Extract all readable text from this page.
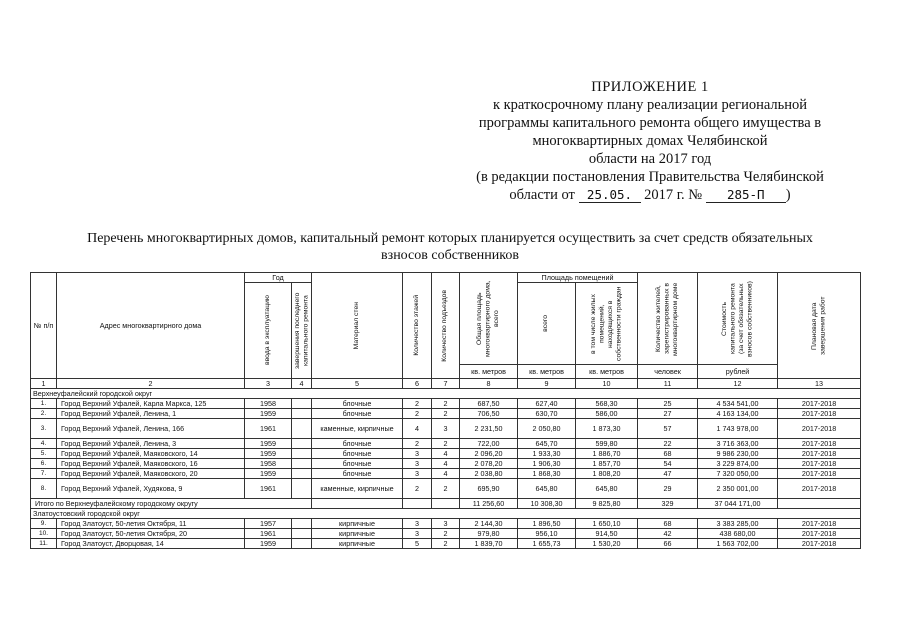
ПРИЛОЖЕНИЕ 1
к краткосрочному плану реализации региональной
программы капитального ремонта общего имущества в
многоквартирных домах Челябинской
области на 2017 год
(в редакции постановления Правительства Челябинской
области от 25.05. 2017 г. № 285-П )
Перечень многоквартирных домов, капитальный ремонт которых планируется осуществить за счет средств обязательных
взносов собственников
№ п/п	Адрес многоквартирного дома	Год		Материал стен	Количество этажей	Количество подъездов	Общая площадь многоквартирного дома, всего	Площадь помещений		Количество жителей, зарегистрированных в многоквартирном доме	Стоимость капитального ремонта (за счет обязательных взносов собственников)	Плановая дата завершения работ

		ввода в эксплуатацию	завершения последнего капитального ремонта					всего	в том числе жилых помещений, находящихся в собственности граждан			

							кв. метров	кв. метров	кв. метров	человек	рублей	
1	2	3	4	5	6	7	8	9	10	11	12	13
Верхнеуфалейский городской округ												
1.	Город Верхний Уфалей, Карла Маркса, 125	1958		блочные	2	2	687,50	627,40	568,30	25	4 534 541,00	2017-2018
2.	Город Верхний Уфалей, Ленина, 1	1959		блочные	2	2	706,50	630,70	586,00	27	4 163 134,00	2017-2018
3.	Город Верхний Уфалей, Ленина, 166	1961		каменные, кирпичные	4	3	2 231,50	2 050,80	1 873,30	57	1 743 978,00	2017-2018
4.	Город Верхний Уфалей, Ленина, 3	1959		блочные	2	2	722,00	645,70	599,80	22	3 716 363,00	2017-2018
5.	Город Верхний Уфалей, Маяковского, 14	1959		блочные	3	4	2 096,20	1 933,30	1 886,70	68	9 986 230,00	2017-2018
6.	Город Верхний Уфалей, Маяковского, 16	1958		блочные	3	4	2 078,20	1 906,30	1 857,70	54	3 229 874,00	2017-2018
7.	Город Верхний Уфалей, Маяковского, 20	1959		блочные	3	4	2 038,80	1 868,30	1 808,20	47	7 320 050,00	2017-2018
8.	Город Верхний Уфалей, Худякова, 9	1961		каменные, кирпичные	2	2	695,90	645,80	645,80	29	2 350 001,00	2017-2018
Итого по Верхнеуфалейскому городскому округу							11 256,60	10 308,30	9 825,80	329	37 044 171,00	
Златоустовский городской округ												
9.	Город Златоуст, 50-летия Октября, 11	1957		кирпичные	3	3	2 144,30	1 896,50	1 650,10	68	3 383 285,00	2017-2018
10.	Город Златоуст, 50-летия Октября, 20	1961		кирпичные	3	2	979,80	956,10	914,50	42	438 680,00	2017-2018
11.	Город Златоуст, Дворцовая, 14	1959		кирпичные	5	2	1 839,70	1 655,73	1 530,20	66	1 563 702,00	2017-2018
